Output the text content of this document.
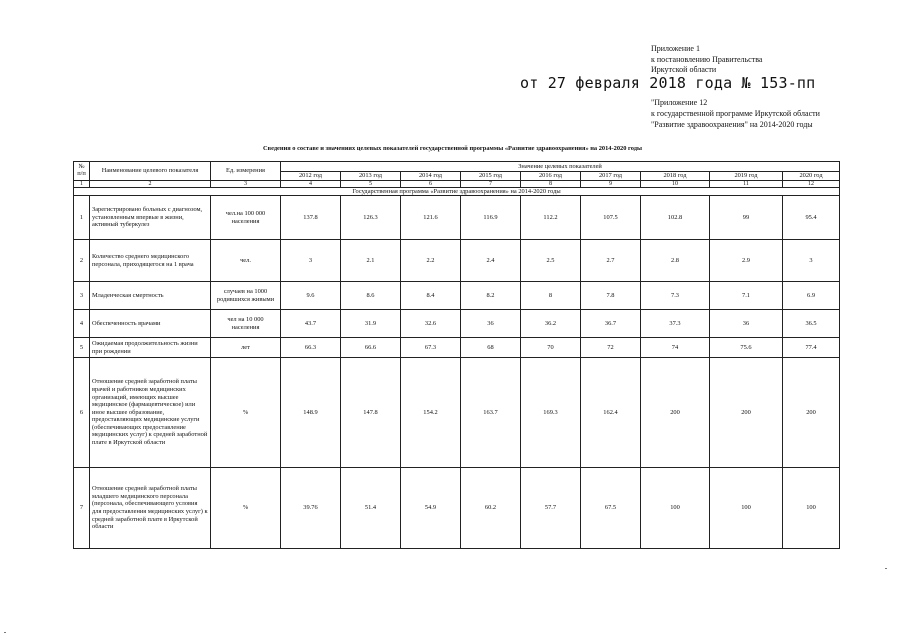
Приложение 1
к постановлению Правительства
Иркутской области
от 27 февраля 2018 года № 153-пп
"Приложение 12
к государственной программе Иркутской области
"Развитие здравоохранения" на 2014-2020 годы
Сведения о составе и значениях целевых показателей государственной программы «Развитие здравоохранения» на 2014-2020 годы
№ п/п	Наименование целевого показателя	Ед. измерения	Значение целевых показателей								
			2012 год	2013 год	2014 год	2015 год	2016 год	2017 год	2018 год	2019 год	2020 год
1	2	3	4	5	6	7	8	9	10	11	12
Государственная программа «Развитие здравоохранения» на 2014-2020 годы											
1	Зарегистрировано больных с диагнозом, установленным впервые в жизни, активный туберкулез	чел.на 100 000 населения	137.8	126.3	121.6	116.9	112.2	107.5	102.8	99	95.4
2	Количество среднего медицинского персонала, приходящегося на 1 врача	чел.	3	2.1	2.2	2.4	2.5	2.7	2.8	2.9	3
3	Младенческая смертность	случаев на 1000 родившихся живыми	9.6	8.6	8.4	8.2	8	7.8	7.3	7.1	6.9
4	Обеспеченность врачами	чел на 10 000 населения	43.7	31.9	32.6	36	36.2	36.7	37.3	36	36.5
5	Ожидаемая продолжительность жизни при рождении	лет	66.3	66.6	67.3	68	70	72	74	75.6	77.4
6	Отношение средней заработной платы врачей и работников медицинских организаций, имеющих высшее медицинское (фармацевтическое) или иное высшее образование, предоставляющих медицинские услуги (обеспечивающих предоставление медицинских услуг) к средней заработной плате в Иркутской области	%	148.9	147.8	154.2	163.7	169.3	162.4	200	200	200
7	Отношение средней заработной платы младшего медицинского персонала (персонала, обеспечивающего условия для предоставления медицинских услуг) к средней заработной плате в Иркутской области	%	39.76	51.4	54.9	60.2	57.7	67.5	100	100	100
